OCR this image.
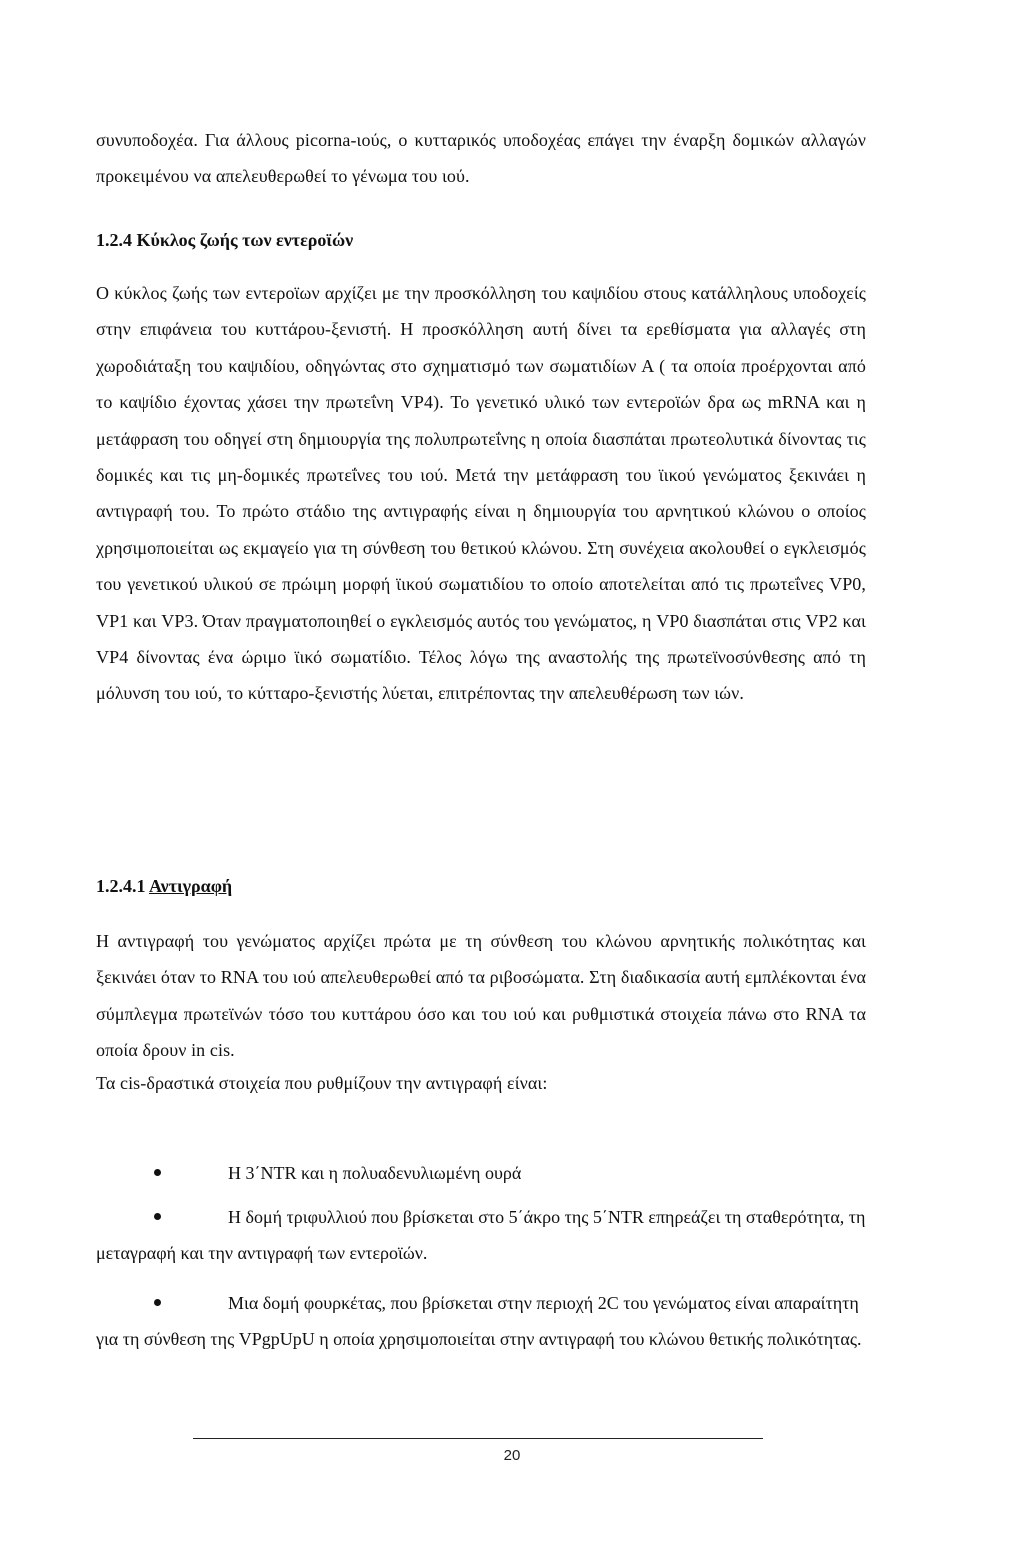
συνυποδοχέα. Για άλλους picorna-ιούς, ο κυτταρικός υποδοχέας επάγει την έναρξη δομικών αλλαγών προκειμένου να απελευθερωθεί το γένωμα του ιού.

1.2.4 Κύκλος ζωής των εντεροϊών

Ο κύκλος ζωής των εντεροϊων αρχίζει με την προσκόλληση του καψιδίου στους κατάλληλους υποδοχείς στην επιφάνεια του κυττάρου-ξενιστή. Η προσκόλληση αυτή δίνει τα ερεθίσματα για αλλαγές στη χωροδιάταξη του καψιδίου, οδηγώντας στο σχηματισμό των σωματιδίων Α ( τα οποία προέρχονται από το καψίδιο έχοντας χάσει την πρωτεΐνη VP4). Το γενετικό υλικό των εντεροϊών δρα ως mRNA και η μετάφραση του οδηγεί στη δημιουργία της πολυπρωτεΐνης η οποία διασπάται πρωτεολυτικά δίνοντας τις δομικές και τις μη-δομικές πρωτεΐνες του ιού. Μετά την μετάφραση του ϊικού γενώματος ξεκινάει η αντιγραφή του. Το πρώτο στάδιο της αντιγραφής είναι η δημιουργία του αρνητικού κλώνου ο οποίος χρησιμοποιείται ως εκμαγείο για τη σύνθεση του θετικού κλώνου. Στη συνέχεια ακολουθεί ο εγκλεισμός του γενετικού υλικού σε πρώιμη μορφή ϊικού σωματιδίου το οποίο αποτελείται από τις πρωτεΐνες VP0, VP1 και VP3. Όταν πραγματοποιηθεί ο εγκλεισμός αυτός του γενώματος, η VP0 διασπάται στις VP2 και VP4 δίνοντας ένα ώριμο ϊικό σωματίδιο. Τέλος λόγω της αναστολής της πρωτεϊνοσύνθεσης από τη μόλυνση του ιού, το κύτταρο-ξενιστής λύεται, επιτρέποντας την απελευθέρωση των ιών.

1.2.4.1 Αντιγραφή

Η αντιγραφή του γενώματος αρχίζει πρώτα με τη σύνθεση του κλώνου αρνητικής πολικότητας και ξεκινάει όταν το RNA του ιού απελευθερωθεί από τα ριβοσώματα. Στη διαδικασία αυτή εμπλέκονται ένα σύμπλεγμα πρωτεϊνών τόσο του κυττάρου όσο και του ιού και ρυθμιστικά στοιχεία πάνω στο RNA τα οποία δρουν in cis.

Τα cis-δραστικά στοιχεία που ρυθμίζουν την αντιγραφή είναι:

Η 3΄NTR και η πολυαδενυλιωμένη ουρά

Η δομή τριφυλλιού που βρίσκεται στο 5΄άκρο της 5΄NTR επηρεάζει τη σταθερότητα, τη μεταγραφή και την αντιγραφή των εντεροϊών.

Μια δομή φουρκέτας, που βρίσκεται στην περιοχή 2C του γενώματος είναι απαραίτητη για τη σύνθεση της VPgpUpU η οποία χρησιμοποιείται στην αντιγραφή του κλώνου θετικής πολικότητας.

20
